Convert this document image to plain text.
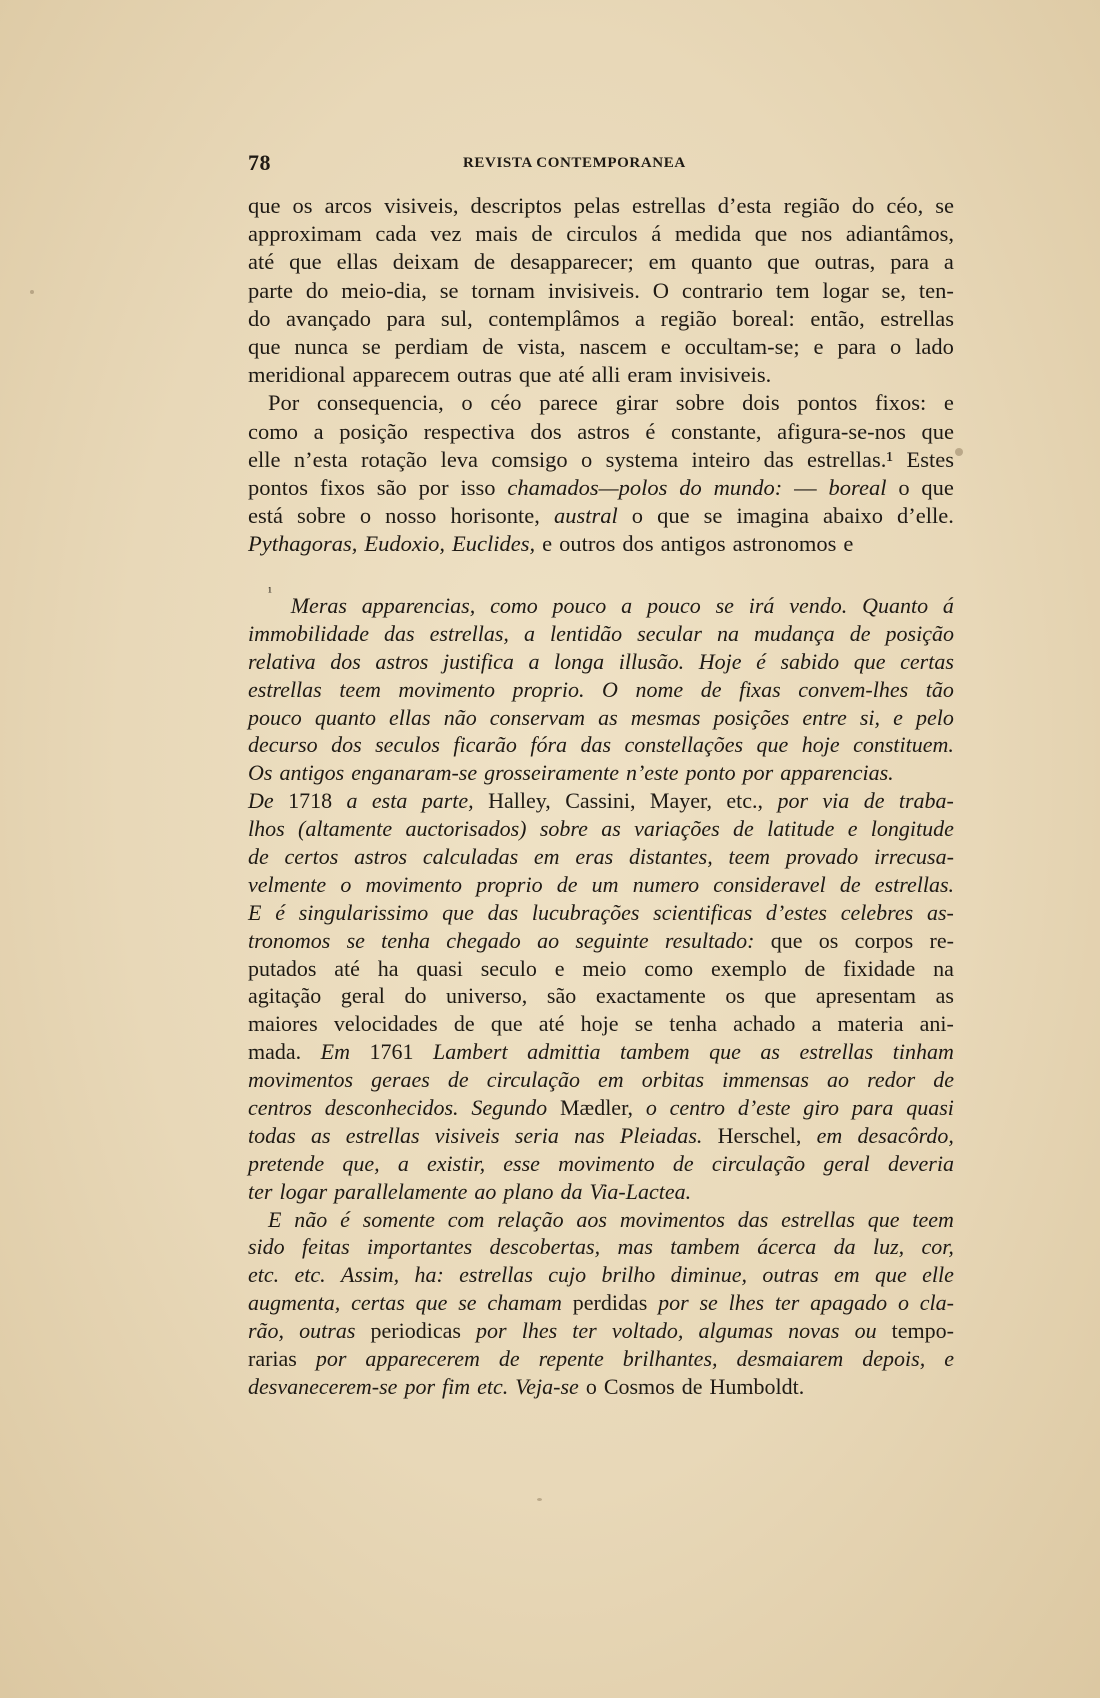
78	REVISTA CONTEMPORANEA
que os arcos visiveis, descriptos pelas estrellas d’esta região do céo, se
approximam cada vez mais de circulos á medida que nos adiantâmos,
até que ellas deixam de desapparecer; em quanto que outras, para a
parte do meio-dia, se tornam invisiveis. O contrario tem logar se, ten-
do avançado para sul, contemplâmos a região boreal: então, estrellas
que nunca se perdiam de vista, nascem e occultam-se; e para o lado
meridional apparecem outras que até alli eram invisiveis.
Por consequencia, o céo parece girar sobre dois pontos fixos: e
como a posição respectiva dos astros é constante, afigura-se-nos que
elle n’esta rotação leva comsigo o systema inteiro das estrellas.¹ Estes
pontos fixos são por isso chamados—polos do mundo: — boreal o que
está sobre o nosso horisonte, austral o que se imagina abaixo d’elle.
Pythagoras, Eudoxio, Euclides, e outros dos antigos astronomos e
¹
Meras apparencias, como pouco a pouco se irá vendo. Quanto á
immobilidade das estrellas, a lentidão secular na mudança de posição
relativa dos astros justifica a longa illusão. Hoje é sabido que certas
estrellas teem movimento proprio. O nome de fixas convem-lhes tão
pouco quanto ellas não conservam as mesmas posições entre si, e pelo
decurso dos seculos ficarão fóra das constellações que hoje constituem.
Os antigos enganaram-se grosseiramente n’este ponto por apparencias.
De 1718 a esta parte, Halley, Cassini, Mayer, etc., por via de traba-
lhos (altamente auctorisados) sobre as variações de latitude e longitude
de certos astros calculadas em eras distantes, teem provado irrecusa-
velmente o movimento proprio de um numero consideravel de estrellas.
E é singularissimo que das lucubrações scientificas d’estes celebres as-
tronomos se tenha chegado ao seguinte resultado: que os corpos re-
putados até ha quasi seculo e meio como exemplo de fixidade na
agitação geral do universo, são exactamente os que apresentam as
maiores velocidades de que até hoje se tenha achado a materia ani-
mada. Em 1761 Lambert admittia tambem que as estrellas tinham
movimentos geraes de circulação em orbitas immensas ao redor de
centros desconhecidos. Segundo Mædler, o centro d’este giro para quasi
todas as estrellas visiveis seria nas Pleiadas. Herschel, em desacôrdo,
pretende que, a existir, esse movimento de circulação geral deveria
ter logar parallelamente ao plano da Via-Lactea.
E não é somente com relação aos movimentos das estrellas que teem
sido feitas importantes descobertas, mas tambem ácerca da luz, cor,
etc. etc. Assim, ha: estrellas cujo brilho diminue, outras em que elle
augmenta, certas que se chamam perdidas por se lhes ter apagado o cla-
rão, outras periodicas por lhes ter voltado, algumas novas ou tempo-
rarias por apparecerem de repente brilhantes, desmaiarem depois, e
desvanecerem-se por fim etc. Veja-se o Cosmos de Humboldt.
